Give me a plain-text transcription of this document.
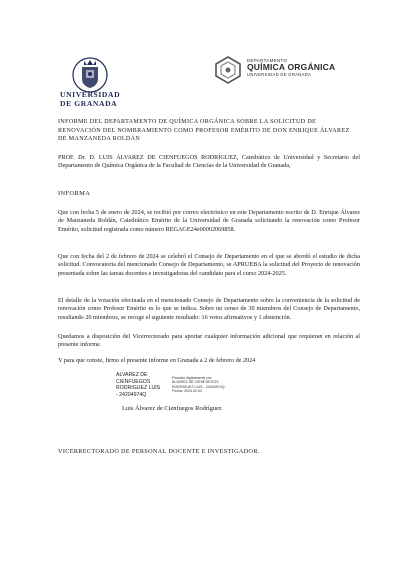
UNIVERSIDAD DE GRANADA
DEPARTAMENTO
QUÍMICA ORGÁNICA
UNIVERSIDAD DE GRANADA
INFORME DEL DEPARTAMENTO DE QUÍMICA ORGÁNICA SOBRE LA SOLICITUD DE RENOVACIÓN DEL NOMBRAMIENTO COMO PROFESOR EMÉRITO DE DON ENRIQUE ÁLVAREZ DE MANZANEDA ROLDÁN
PROF. Dr. D. LUIS ÁLVAREZ DE CIENFUEGOS RODRÍGUEZ, Catedrático de Universidad y Secretario del Departamento de Química Orgánica de la Facultad de Ciencias de la Universidad de Granada,
INFORMA
Que con fecha 5 de enero de 2024, se recibió por correo electrónico en este Departamento escrito de D. Enrique Álvarez de Manzaneda Roldán, Catedrático Emérito de la Universidad de Granada solicitando la renovación como Profesor Emérito, solicitud registrada como número REGAGE24e00002069858.
Que con fecha del 2 de febrero de 2024 se celebró el Consejo de Departamento en el que se abordó el estudio de dicha solicitud. Convocatoria del mencionado Consejo de Departamento, se APRUEBA la solicitud del Proyecto de renovación presentada sobre las tareas docentes e investigadoras del candidato para el curso 2024-2025.
El detalle de la votación efectuada en el mencionado Consejo de Departamento sobre la conveniencia de la solicitud de renovación como Profesor Emérito es lo que se indica. Sobre un censo de 30 miembros del Consejo de Departamento, resultando 20 miembros, se recoge el siguiente resultado: 16 votos afirmativos y 1 abstención.
Quedamos a disposición del Vicerrectorado para aportar cualquier información adicional que requieran en relación al presente informe.
Y para que conste, firmo el presente informe en Granada a 2 de febrero de 2024
ALVAREZ DE
CIENFUEGOS
RODRIGUEZ LUIS
- 24204974Q
Firmado digitalmente por
ALVAREZ DE CIENFUEGOS
RODRIGUEZ LUIS - 24204974Q
Fecha: 2024.02.02
Luis Álvarez de Cienfuegos Rodríguez
VICERRECTORADO DE PERSONAL DOCENTE E INVESTIGADOR.
